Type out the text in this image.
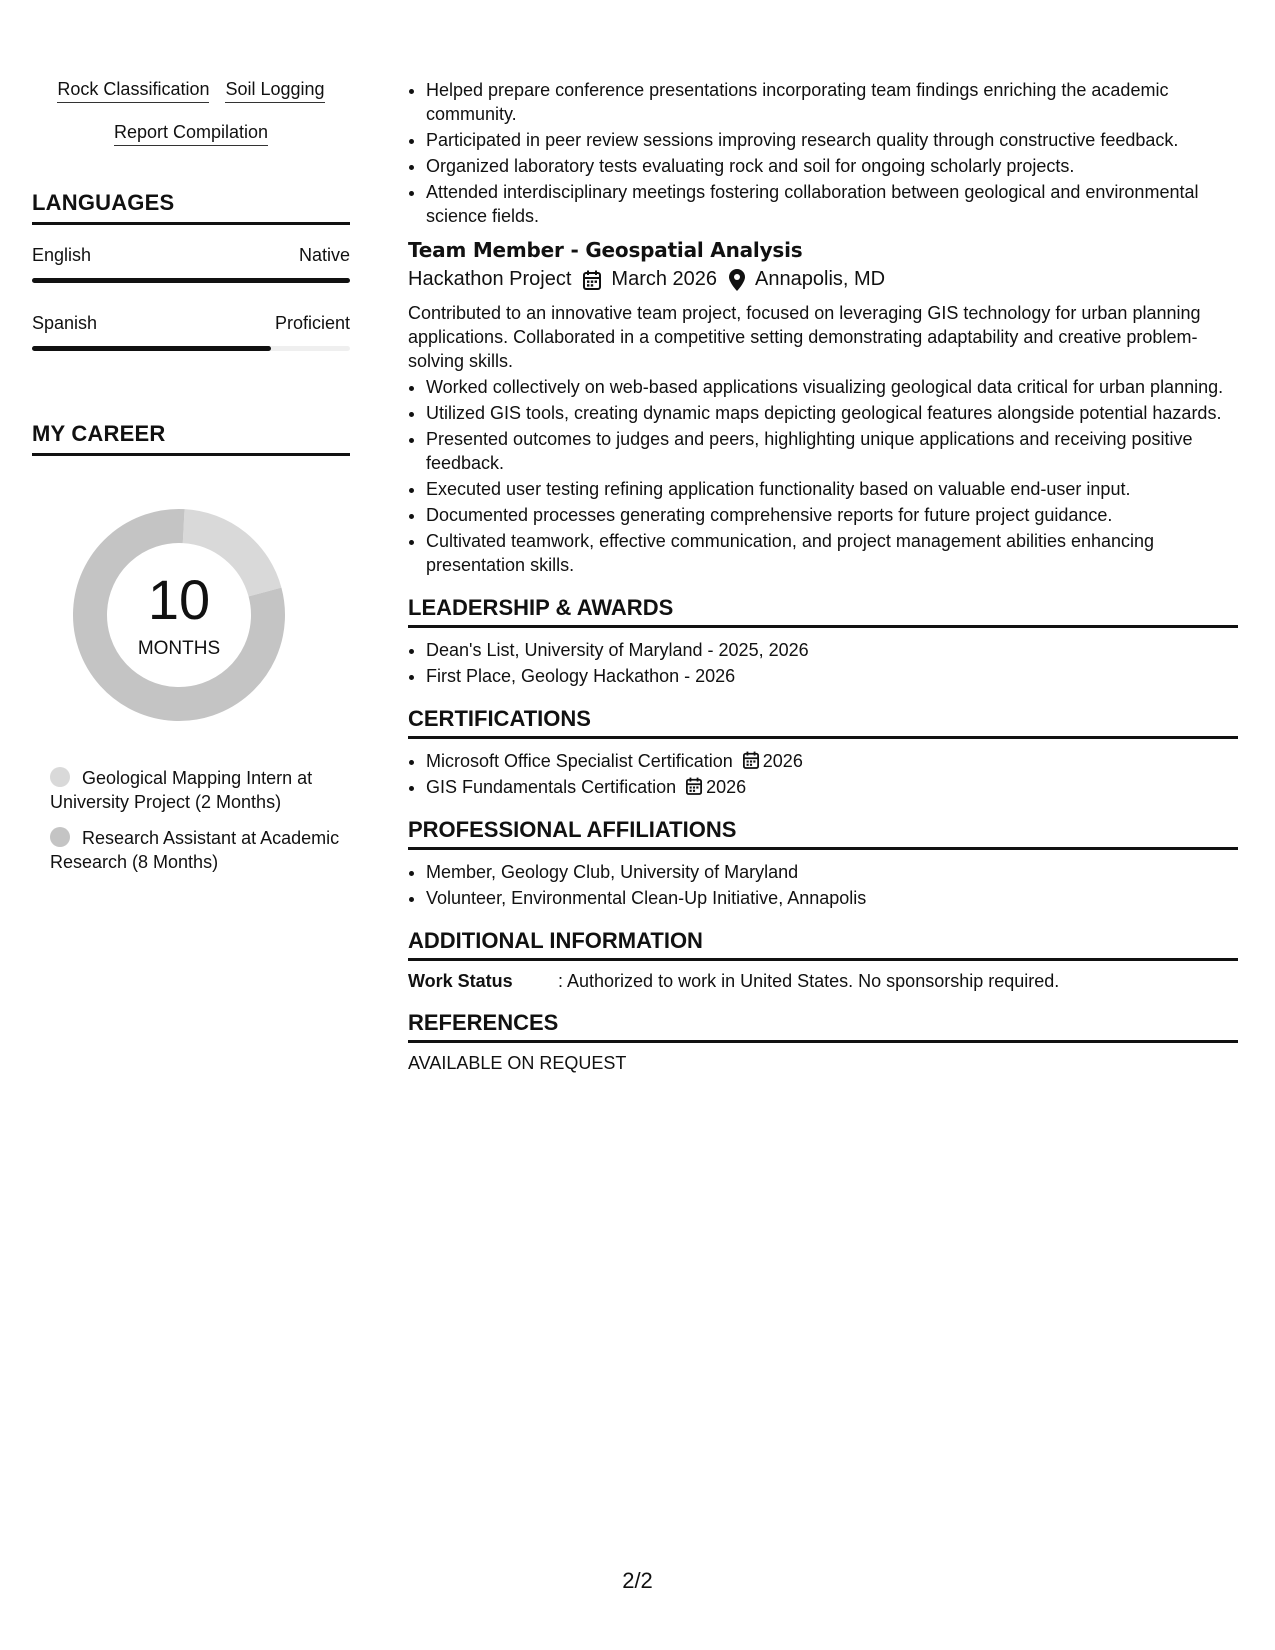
Rock Classification Soil Logging
Report Compilation
LANGUAGES
English	Native
Spanish	Proficient
MY CAREER
10
MONTHS
Geological Mapping Intern at University Project (2 Months)
Research Assistant at Academic Research (8 Months)
• Helped prepare conference presentations incorporating team findings enriching the academic community.
• Participated in peer review sessions improving research quality through constructive feedback.
• Organized laboratory tests evaluating rock and soil for ongoing scholarly projects.
• Attended interdisciplinary meetings fostering collaboration between geological and environmental science fields.
Team Member - Geospatial Analysis
Hackathon Project March 2026 Annapolis, MD
Contributed to an innovative team project, focused on leveraging GIS technology for urban planning applications. Collaborated in a competitive setting demonstrating adaptability and creative problem-solving skills.
• Worked collectively on web-based applications visualizing geological data critical for urban planning.
• Utilized GIS tools, creating dynamic maps depicting geological features alongside potential hazards.
• Presented outcomes to judges and peers, highlighting unique applications and receiving positive feedback.
• Executed user testing refining application functionality based on valuable end-user input.
• Documented processes generating comprehensive reports for future project guidance.
• Cultivated teamwork, effective communication, and project management abilities enhancing presentation skills.
LEADERSHIP & AWARDS
• Dean's List, University of Maryland - 2025, 2026
• First Place, Geology Hackathon - 2026
CERTIFICATIONS
• Microsoft Office Specialist Certification 2026
• GIS Fundamentals Certification 2026
PROFESSIONAL AFFILIATIONS
• Member, Geology Club, University of Maryland
• Volunteer, Environmental Clean-Up Initiative, Annapolis
ADDITIONAL INFORMATION
Work Status	: Authorized to work in United States. No sponsorship required.
REFERENCES
AVAILABLE ON REQUEST
2/2
